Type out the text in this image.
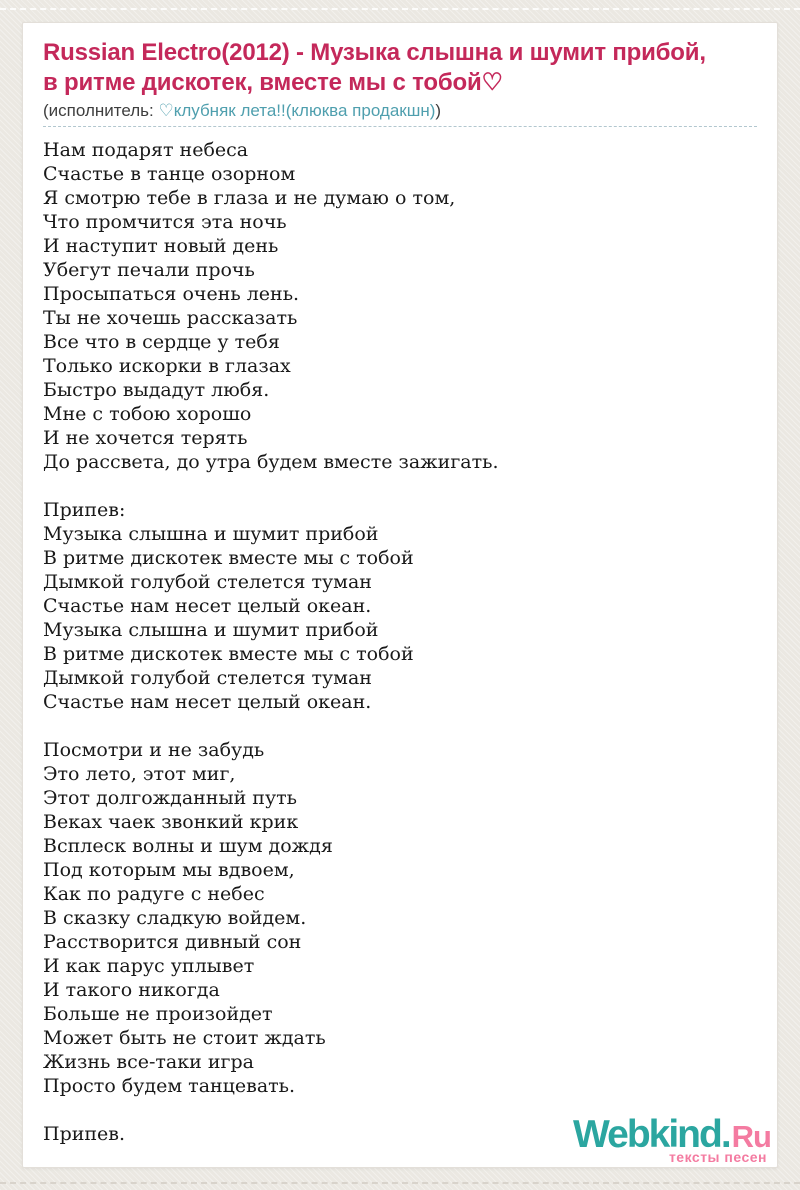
Russian Electro(2012) - Музыка слышна и шумит прибой,
в ритме дискотек, вместе мы с тобой♡
(исполнитель: ♡клубняк лета!!(клюква продакшн))
Нам подарят небеса
Счастье в танце озорном
Я смотрю тебе в глаза и не думаю о том,
Что промчится эта ночь
И наступит новый день
Убегут печали прочь
Просыпаться очень лень.
Ты не хочешь рассказать
Все что в сердце у тебя
Только искорки в глазах
Быстро выдадут любя.
Мне с тобою хорошо
И не хочется терять
До рассвета, до утра будем вместе зажигать.
Припев:
Музыка слышна и шумит прибой
В ритме дискотек вместе мы с тобой
Дымкой голубой стелется туман
Счастье нам несет целый океан.
Музыка слышна и шумит прибой
В ритме дискотек вместе мы с тобой
Дымкой голубой стелется туман
Счастье нам несет целый океан.
Посмотри и не забудь
Это лето, этот миг,
Этот долгожданный путь
Веках чаек звонкий крик
Всплеск волны и шум дождя
Под которым мы вдвоем,
Как по радуге с небес
В сказку сладкую войдем.
Расстворится дивный сон
И как парус уплывет
И такого никогда
Больше не произойдет
Может быть не стоит ждать
Жизнь все-таки игра
Просто будем танцевать.
Припев.	Webkind.Ru
тексты песен
